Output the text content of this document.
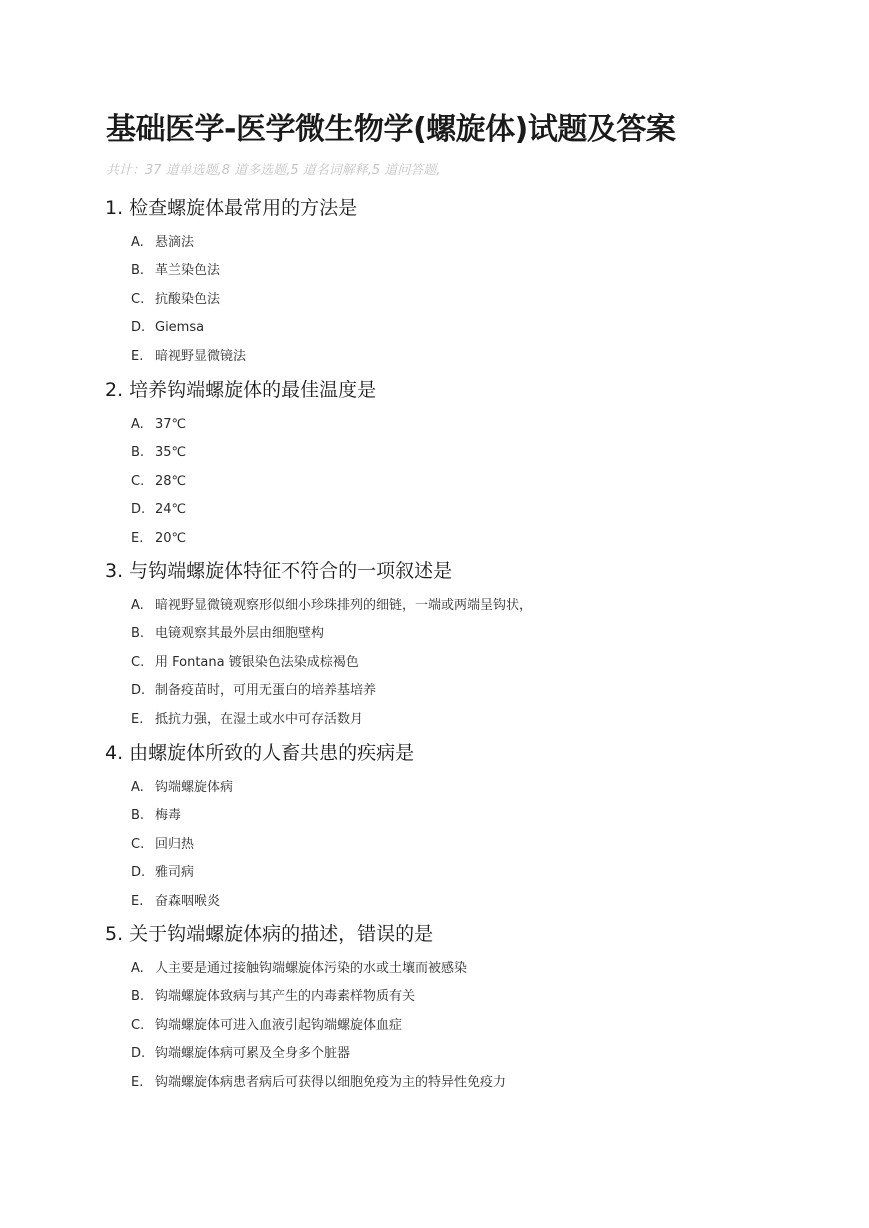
基础医学-医学微生物学(螺旋体)试题及答案
共计：37 道单选题,8 道多选题,5 道名词解释,5 道问答题,
1. 检查螺旋体最常用的方法是
A. 悬滴法
B. 革兰染色法
C. 抗酸染色法
D. Giemsa
E. 暗视野显微镜法
2. 培养钩端螺旋体的最佳温度是
A. 37℃
B. 35℃
C. 28℃
D. 24℃
E. 20℃
3. 与钩端螺旋体特征不符合的一项叙述是
A. 暗视野显微镜观察形似细小珍珠排列的细链，一端或两端呈钩状，
B. 电镜观察其最外层由细胞壁构
C. 用 Fontana 镀银染色法染成棕褐色
D. 制备疫苗时，可用无蛋白的培养基培养
E. 抵抗力强，在湿土或水中可存活数月
4. 由螺旋体所致的人畜共患的疾病是
A. 钩端螺旋体病
B. 梅毒
C. 回归热
D. 雅司病
E. 奋森咽喉炎
5. 关于钩端螺旋体病的描述，错误的是
A. 人主要是通过接触钩端螺旋体污染的水或土壤而被感染
B. 钩端螺旋体致病与其产生的内毒素样物质有关
C. 钩端螺旋体可进入血液引起钩端螺旋体血症
D. 钩端螺旋体病可累及全身多个脏器
E. 钩端螺旋体病患者病后可获得以细胞免疫为主的特异性免疫力
